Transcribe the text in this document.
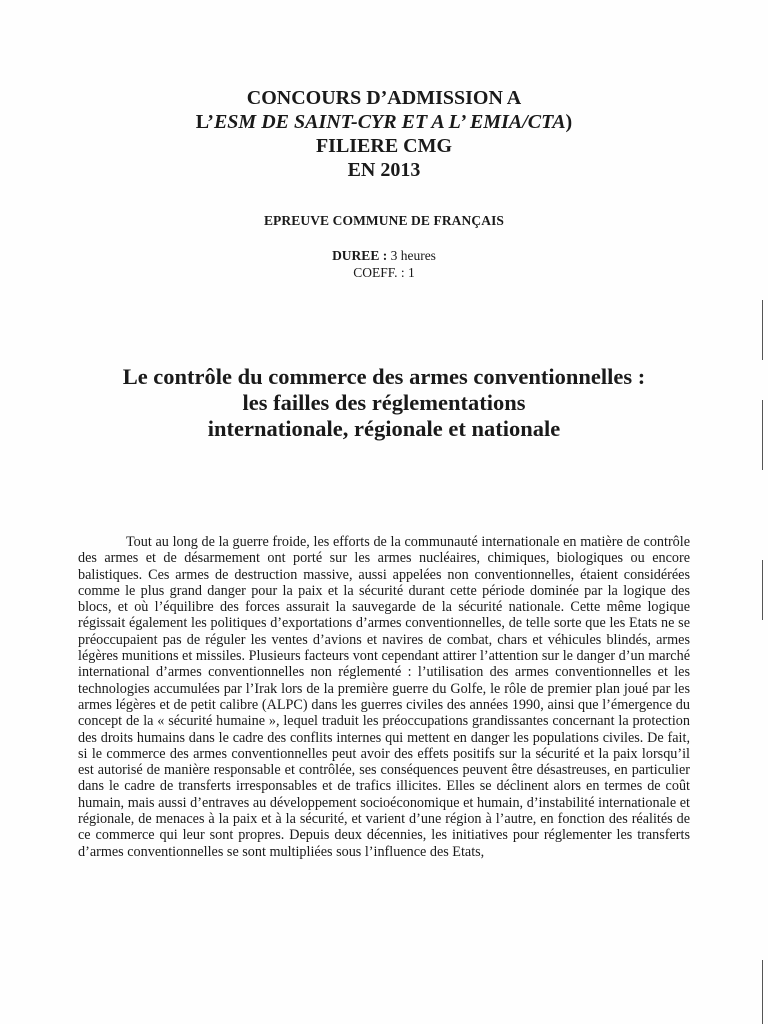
CONCOURS D’ADMISSION A

L’ESM DE SAINT-CYR ET A L’ EMIA/CTA)

FILIERE CMG

EN 2013

EPREUVE COMMUNE DE FRANÇAIS
DUREE : 3 heures
COEFF. : 1
Le contrôle du commerce des armes conventionnelles :
les failles des réglementations
internationale, régionale et nationale

Tout au long de la guerre froide, les efforts de la communauté internationale en matière de contrôle des armes et de désarmement ont porté sur les armes nucléaires, chimiques, biologiques ou encore balistiques. Ces armes de destruction massive, aussi appelées non conventionnelles, étaient considérées comme le plus grand danger pour la paix et la sécurité durant cette période dominée par la logique des blocs, et où l’équilibre des forces assurait la sauvegarde de la sécurité nationale. Cette même logique régissait également les politiques d’exportations d’armes conventionnelles, de telle sorte que les Etats ne se préoccupaient pas de réguler les ventes d’avions et navires de combat, chars et véhicules blindés, armes légères munitions et missiles. Plusieurs facteurs vont cependant attirer l’attention sur le danger d’un marché international d’armes conventionnelles non réglementé : l’utilisation des armes conventionnelles et les technologies accumulées par l’Irak lors de la première guerre du Golfe, le rôle de premier plan joué par les armes légères et de petit calibre (ALPC) dans les guerres civiles des années 1990, ainsi que l’émergence du concept de la « sécurité humaine », lequel traduit les préoccupations grandissantes concernant la protection des droits humains dans le cadre des conflits internes qui mettent en danger les populations civiles. De fait, si le commerce des armes conventionnelles peut avoir des effets positifs sur la sécurité et la paix lorsqu’il est autorisé de manière responsable et contrôlée, ses conséquences peuvent être désastreuses, en particulier dans le cadre de transferts irresponsables et de trafics illicites. Elles se déclinent alors en termes de coût humain, mais aussi d’entraves au développement socioéconomique et humain, d’instabilité internationale et régionale, de menaces à la paix et à la sécurité, et varient d’une région à l’autre, en fonction des réalités de ce commerce qui leur sont propres. Depuis deux décennies, les initiatives pour réglementer les transferts d’armes conventionnelles se sont multipliées sous l’influence des Etats,
